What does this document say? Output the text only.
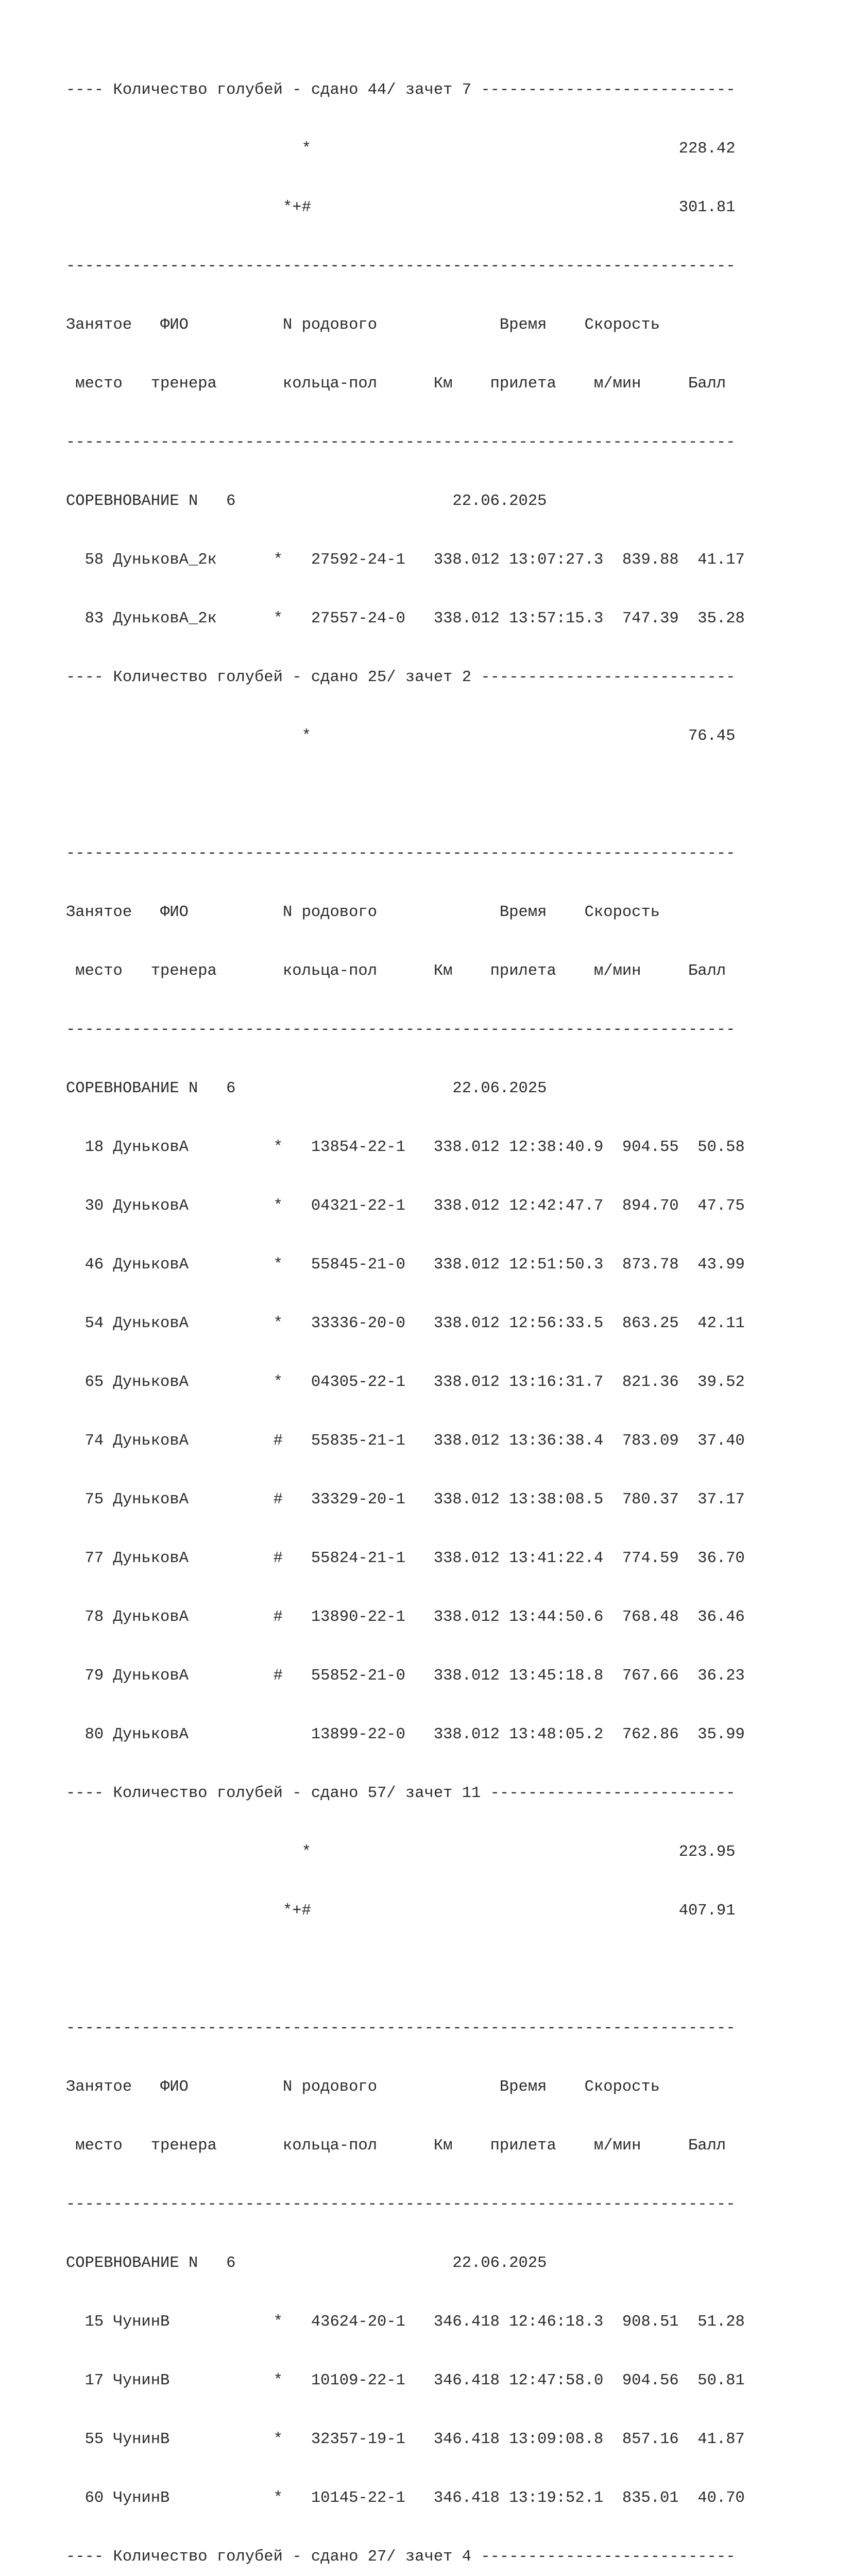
---- Количество голубей - сдано 44/ зачет 7 ---------------------------

*                                       228.42

*+#                                       301.81

-----------------------------------------------------------------------

Занятое   ФИО          N родового             Время    Скорость

место   тренера       кольца-пол      Км    прилета    м/мин     Балл

-----------------------------------------------------------------------

СОРЕВНОВАНИЕ N   6                       22.06.2025

58 ДуньковА_2к      *   27592-24-1   338.012 13:07:27.3  839.88  41.17

83 ДуньковА_2к      *   27557-24-0   338.012 13:57:15.3  747.39  35.28

---- Количество голубей - сдано 25/ зачет 2 ---------------------------

*                                        76.45

-----------------------------------------------------------------------

Занятое   ФИО          N родового             Время    Скорость

место   тренера       кольца-пол      Км    прилета    м/мин     Балл

-----------------------------------------------------------------------

СОРЕВНОВАНИЕ N   6                       22.06.2025

18 ДуньковА         *   13854-22-1   338.012 12:38:40.9  904.55  50.58

30 ДуньковА         *   04321-22-1   338.012 12:42:47.7  894.70  47.75

46 ДуньковА         *   55845-21-0   338.012 12:51:50.3  873.78  43.99

54 ДуньковА         *   33336-20-0   338.012 12:56:33.5  863.25  42.11

65 ДуньковА         *   04305-22-1   338.012 13:16:31.7  821.36  39.52

74 ДуньковА         #   55835-21-1   338.012 13:36:38.4  783.09  37.40

75 ДуньковА         #   33329-20-1   338.012 13:38:08.5  780.37  37.17

77 ДуньковА         #   55824-21-1   338.012 13:41:22.4  774.59  36.70

78 ДуньковА         #   13890-22-1   338.012 13:44:50.6  768.48  36.46

79 ДуньковА         #   55852-21-0   338.012 13:45:18.8  767.66  36.23

80 ДуньковА             13899-22-0   338.012 13:48:05.2  762.86  35.99

---- Количество голубей - сдано 57/ зачет 11 --------------------------

*                                       223.95

*+#                                       407.91

-----------------------------------------------------------------------

Занятое   ФИО          N родового             Время    Скорость

место   тренера       кольца-пол      Км    прилета    м/мин     Балл

-----------------------------------------------------------------------

СОРЕВНОВАНИЕ N   6                       22.06.2025

15 ЧунинВ           *   43624-20-1   346.418 12:46:18.3  908.51  51.28

17 ЧунинВ           *   10109-22-1   346.418 12:47:58.0  904.56  50.81

55 ЧунинВ           *   32357-19-1   346.418 13:09:08.8  857.16  41.87

60 ЧунинВ           *   10145-22-1   346.418 13:19:52.1  835.01  40.70

---- Количество голубей - сдано 27/ зачет 4 ---------------------------
